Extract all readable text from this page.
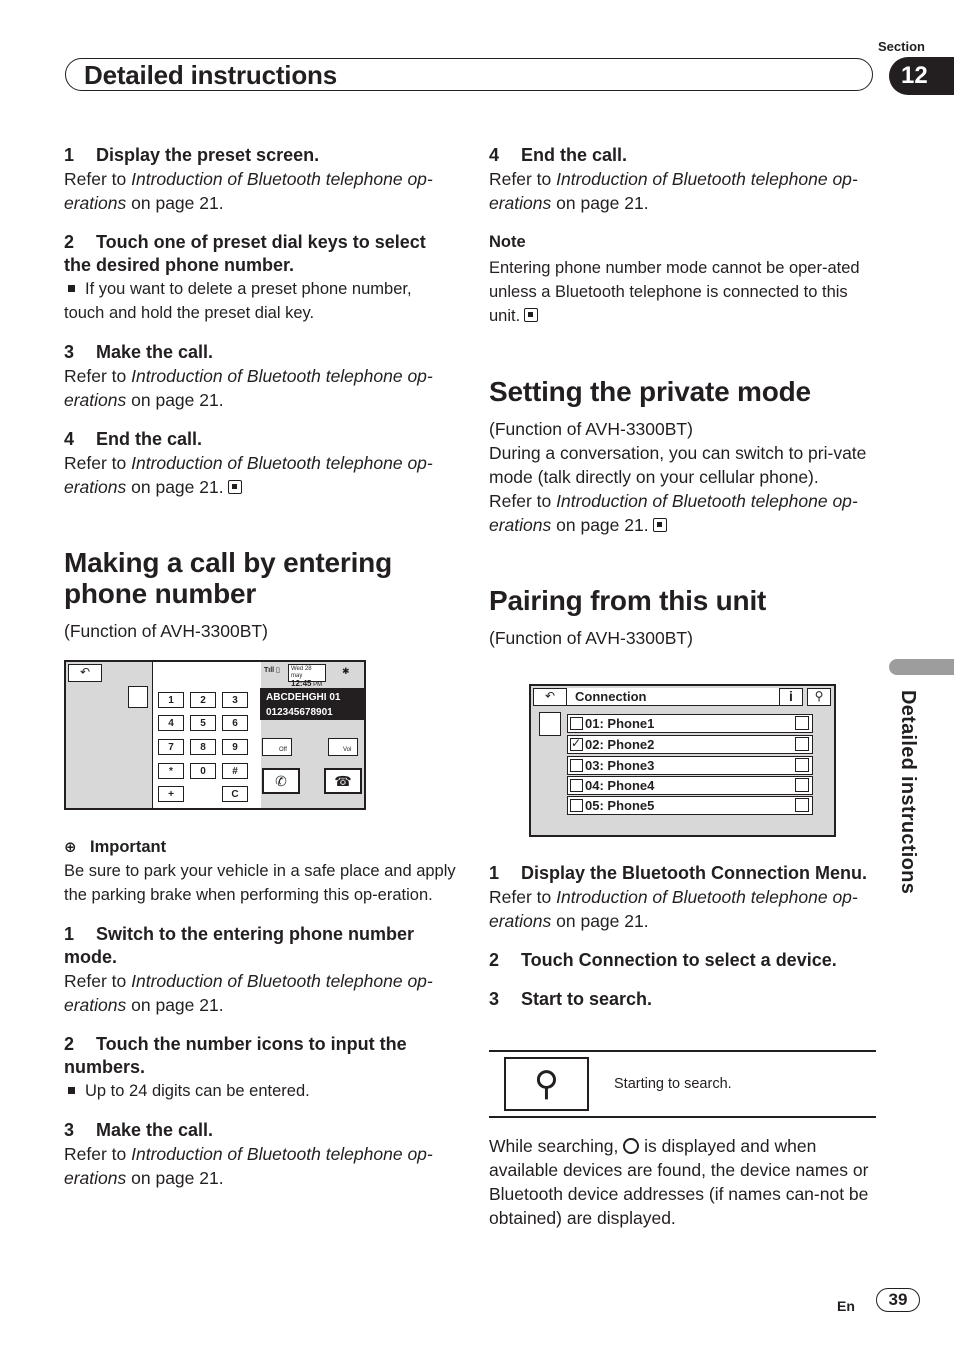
Section
Detailed instructions	12

1 Display the preset screen.

Refer to Introduction of Bluetooth telephone op-erations on page 21.

2 Touch one of preset dial keys to select the desired phone number.

If you want to delete a preset phone number, touch and hold the preset dial key.

3 Make the call.

Refer to Introduction of Bluetooth telephone op-erations on page 21.

4 End the call.

Refer to Introduction of Bluetooth telephone op-erations on page 21.

Making a call by entering phone number

(Function of AVH-3300BT)

↶
1	2	3
4	5	6
7	8	9
*	0	#
+	C
Tıll ▯ Wed 28 may
12:45 PM
✱
ABCDEHGHI 01
012345678901
Off	Vol
✆	☎

⊕ Important

Be sure to park your vehicle in a safe place and apply the parking brake when performing this op-eration.

1 Switch to the entering phone number mode.

Refer to Introduction of Bluetooth telephone op-erations on page 21.

2 Touch the number icons to input the numbers.

Up to 24 digits can be entered.

3 Make the call.

Refer to Introduction of Bluetooth telephone op-erations on page 21.

4 End the call.

Refer to Introduction of Bluetooth telephone op-erations on page 21.

Note

Entering phone number mode cannot be oper-ated unless a Bluetooth telephone is connected to this unit.

Setting the private mode

(Function of AVH-3300BT)

During a conversation, you can switch to pri-vate mode (talk directly on your cellular phone).

Refer to Introduction of Bluetooth telephone op-erations on page 21.

Pairing from this unit

(Function of AVH-3300BT)

↶	Connection	i	⚲
01: Phone1
✓ 02: Phone2
03: Phone3
04: Phone4
05: Phone5

1 Display the Bluetooth Connection Menu.

Refer to Introduction of Bluetooth telephone op-erations on page 21.

2 Touch Connection to select a device.

3 Start to search.

⚲	Starting to search.

While searching, is displayed and when available devices are found, the device names or Bluetooth device addresses (if names can-not be obtained) are displayed.

Detailed instructions
En	39
